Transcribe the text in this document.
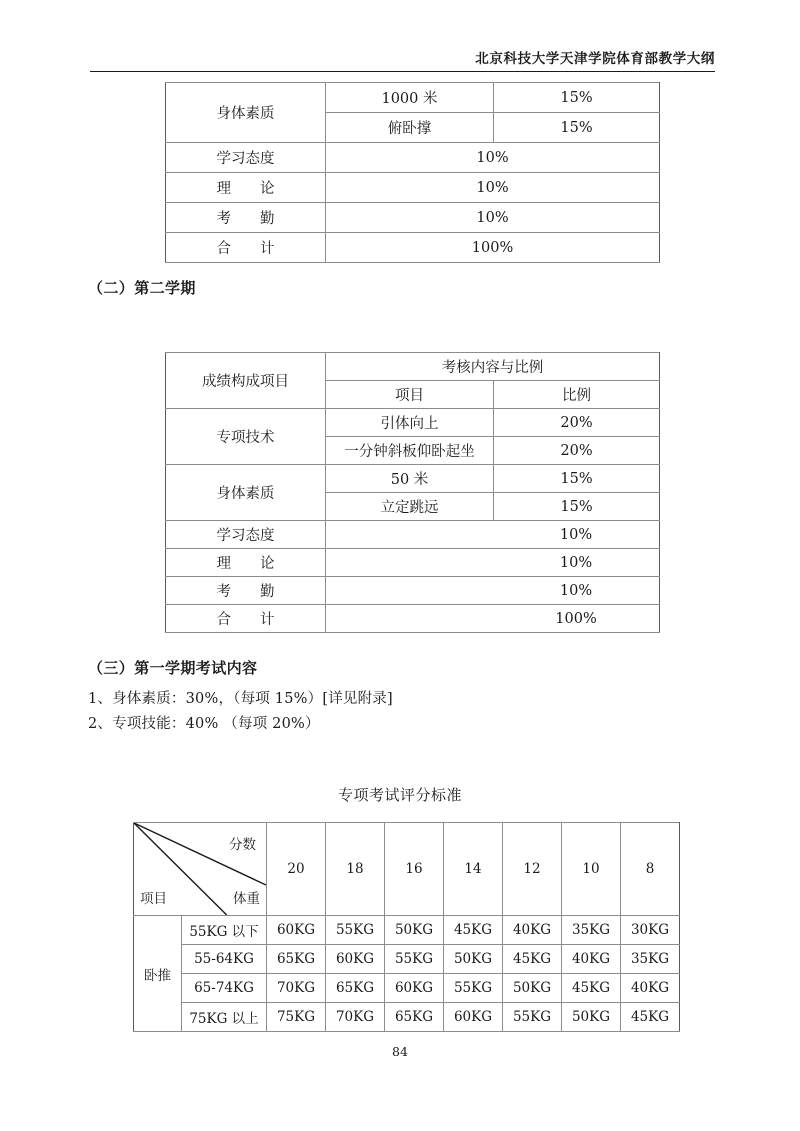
北京科技大学天津学院体育部教学大纲
身体素质	1000 米	15%
	俯卧撑	15%
学习态度	10%	
理　　论	10%	
考　　勤	10%	
合　　计	100%	
（二）第二学期
成绩构成项目	考核内容与比例	
	项目	比例
专项技术	引体向上	20%
	一分钟斜板仰卧起坐	20%
身体素质	50 米	15%
	立定跳远	15%
学习态度	10%	

理　　论	10%	

考　　勤	10%	

合　　计	100%	
（三）第一学期考试内容
1、身体素质：30%，（每项 15%）[详见附录]
2、专项技能：40% （每项 20%）
专项考试评分标准
分数
体重
项目		20	18	16	14	12	10	8
卧推	55KG 以下	60KG	55KG	50KG	45KG	40KG	35KG	30KG
	55-64KG	65KG	60KG	55KG	50KG	45KG	40KG	35KG
	65-74KG	70KG	65KG	60KG	55KG	50KG	45KG	40KG
	75KG 以上	75KG	70KG	65KG	60KG	55KG	50KG	45KG
84
